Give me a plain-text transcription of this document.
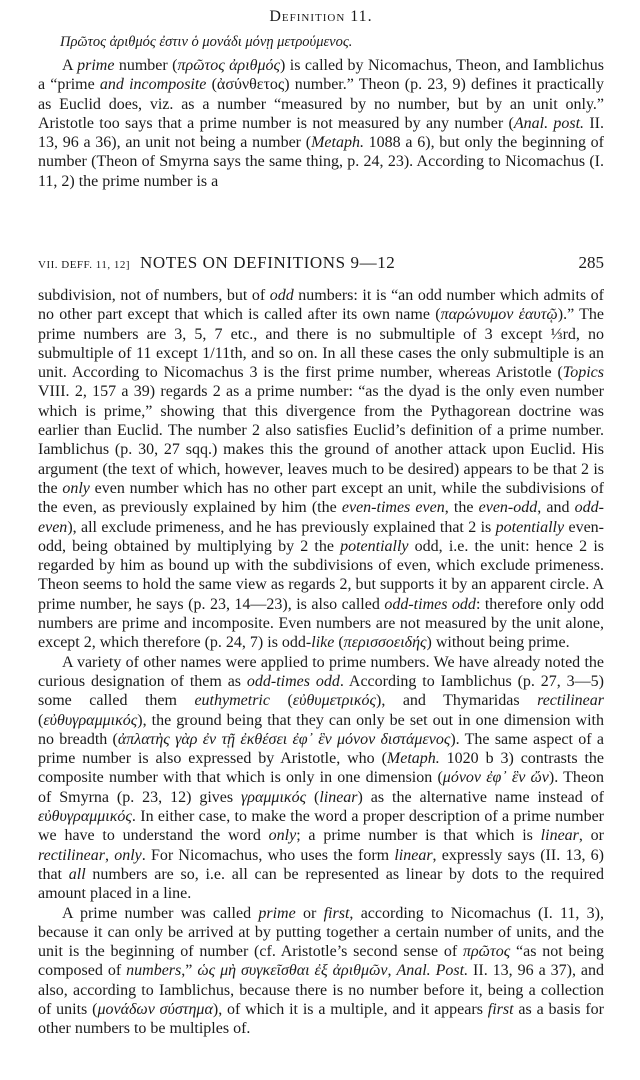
Definition 11.
Πρῶτος ἀριθμός ἐστιν ὁ μονάδι μόνῃ μετρούμενος.

A prime number (πρῶτος ἀριθμός) is called by Nicomachus, Theon, and Iamblichus a “prime and incomposite (ἀσύνθετος) number.” Theon (p. 23, 9) defines it practically as Euclid does, viz. as a number “measured by no number, but by an unit only.” Aristotle too says that a prime number is not measured by any number (Anal. post. II. 13, 96 a 36), an unit not being a number (Metaph. 1088 a 6), but only the beginning of number (Theon of Smyrna says the same thing, p. 24, 23). According to Nicomachus (I. 11, 2) the prime number is a

VII. DEFF. 11, 12] NOTES ON DEFINITIONS 9—12	285

subdivision, not of numbers, but of odd numbers: it is “an odd number which admits of no other part except that which is called after its own name (παρώνυμον ἑαυτῷ).” The prime numbers are 3, 5, 7 etc., and there is no submultiple of 3 except ⅓rd, no submultiple of 11 except 1/11th, and so on. In all these cases the only submultiple is an unit. According to Nicomachus 3 is the first prime number, whereas Aristotle (Topics VIII. 2, 157 a 39) regards 2 as a prime number: “as the dyad is the only even number which is prime,” showing that this divergence from the Pythagorean doctrine was earlier than Euclid. The number 2 also satisfies Euclid’s definition of a prime number. Iamblichus (p. 30, 27 sqq.) makes this the ground of another attack upon Euclid. His argument (the text of which, however, leaves much to be desired) appears to be that 2 is the only even number which has no other part except an unit, while the subdivisions of the even, as previously explained by him (the even-times even, the even-odd, and odd-even), all exclude primeness, and he has previously explained that 2 is potentially even-odd, being obtained by multiplying by 2 the potentially odd, i.e. the unit: hence 2 is regarded by him as bound up with the subdivisions of even, which exclude primeness. Theon seems to hold the same view as regards 2, but supports it by an apparent circle. A prime number, he says (p. 23, 14—23), is also called odd-times odd: therefore only odd numbers are prime and incomposite. Even numbers are not measured by the unit alone, except 2, which therefore (p. 24, 7) is odd-like (περισσοειδής) without being prime.

A variety of other names were applied to prime numbers. We have already noted the curious designation of them as odd-times odd. According to Iamblichus (p. 27, 3—5) some called them euthymetric (εὐθυμετρικός), and Thymaridas rectilinear (εὐθυγραμμικός), the ground being that they can only be set out in one dimension with no breadth (ἀπλατὴς γὰρ ἐν τῇ ἐκθέσει ἐφ᾽ ἓν μόνον διστάμενος). The same aspect of a prime number is also expressed by Aristotle, who (Metaph. 1020 b 3) contrasts the composite number with that which is only in one dimension (μόνον ἐφ᾽ ἓν ὤν). Theon of Smyrna (p. 23, 12) gives γραμμικός (linear) as the alternative name instead of εὐθυγραμμικός. In either case, to make the word a proper description of a prime number we have to understand the word only; a prime number is that which is linear, or rectilinear, only. For Nicomachus, who uses the form linear, expressly says (II. 13, 6) that all numbers are so, i.e. all can be represented as linear by dots to the required amount placed in a line.

A prime number was called prime or first, according to Nicomachus (I. 11, 3), because it can only be arrived at by putting together a certain number of units, and the unit is the beginning of number (cf. Aristotle’s second sense of πρῶτος “as not being composed of numbers,” ὡς μὴ συγκεῖσθαι ἐξ ἀριθμῶν, Anal. Post. II. 13, 96 a 37), and also, according to Iamblichus, because there is no number before it, being a collection of units (μονάδων σύστημα), of which it is a multiple, and it appears first as a basis for other numbers to be multiples of.
